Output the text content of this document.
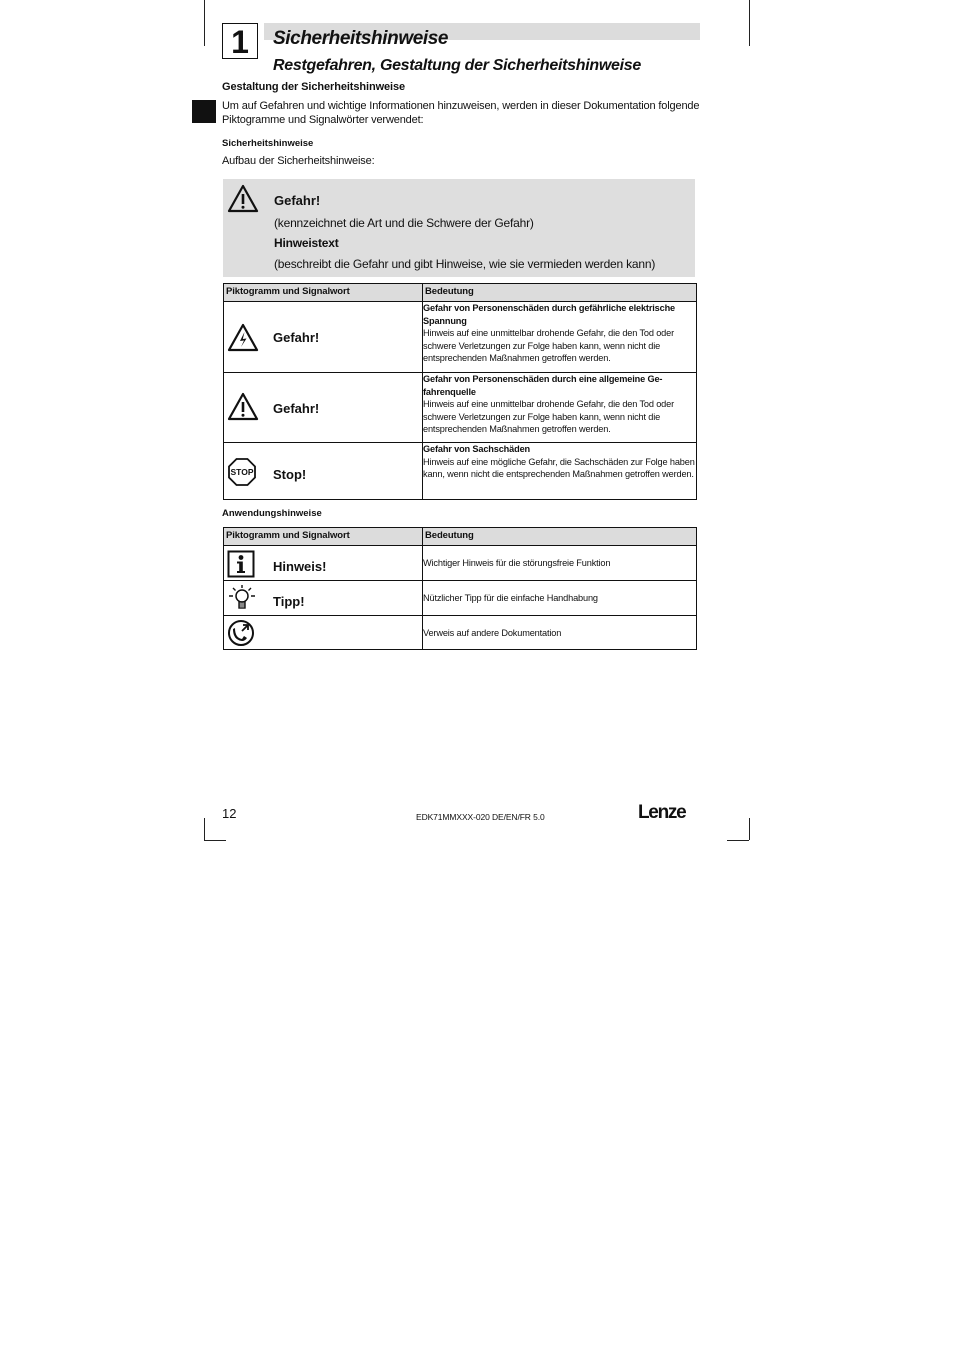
1	Sicherheitshinweise
Restgefahren, Gestaltung der Sicherheitshinweise
Gestaltung der Sicherheitshinweise
Um auf Gefahren und wichtige Informationen hinzuweisen, werden in dieser Dokumentation folgende Piktogramme und Signalwörter verwendet:
Sicherheitshinweise
Aufbau der Sicherheitshinweise:
Gefahr!
(kennzeichnet die Art und die Schwere der Gefahr)
Hinweistext
(beschreibt die Gefahr und gibt Hinweise, wie sie vermieden werden kann)
Piktogramm und Signalwort	Bedeutung

Gefahr!	Gefahr von Personenschäden durch gefährliche elektrische Spannung
Hinweis auf eine unmittelbar drohende Gefahr, die den Tod oder schwere Verletzungen zur Folge haben kann, wenn nicht die entsprechenden Maßnahmen getroffen werden.

Gefahr!	Gefahr von Personenschäden durch eine allgemeine Gefahrenquelle
Hinweis auf eine unmittelbar drohende Gefahr, die den Tod oder schwere Verletzungen zur Folge haben kann, wenn nicht die entsprechenden Maßnahmen getroffen werden.

STOP Stop!	Gefahr von Sachschäden
Hinweis auf eine mögliche Gefahr, die Sachschäden zur Folge haben kann, wenn nicht die entsprechenden Maßnahmen getroffen werden.
Anwendungshinweise
Piktogramm und Signalwort	Bedeutung

Hinweis!	Wichtiger Hinweis für die störungsfreie Funktion

Tipp!	Nützlicher Tipp für die einfache Handhabung

	Verweis auf andere Dokumentation
12	EDK71MMXXX-020 DE/EN/FR 5.0	Lenze
